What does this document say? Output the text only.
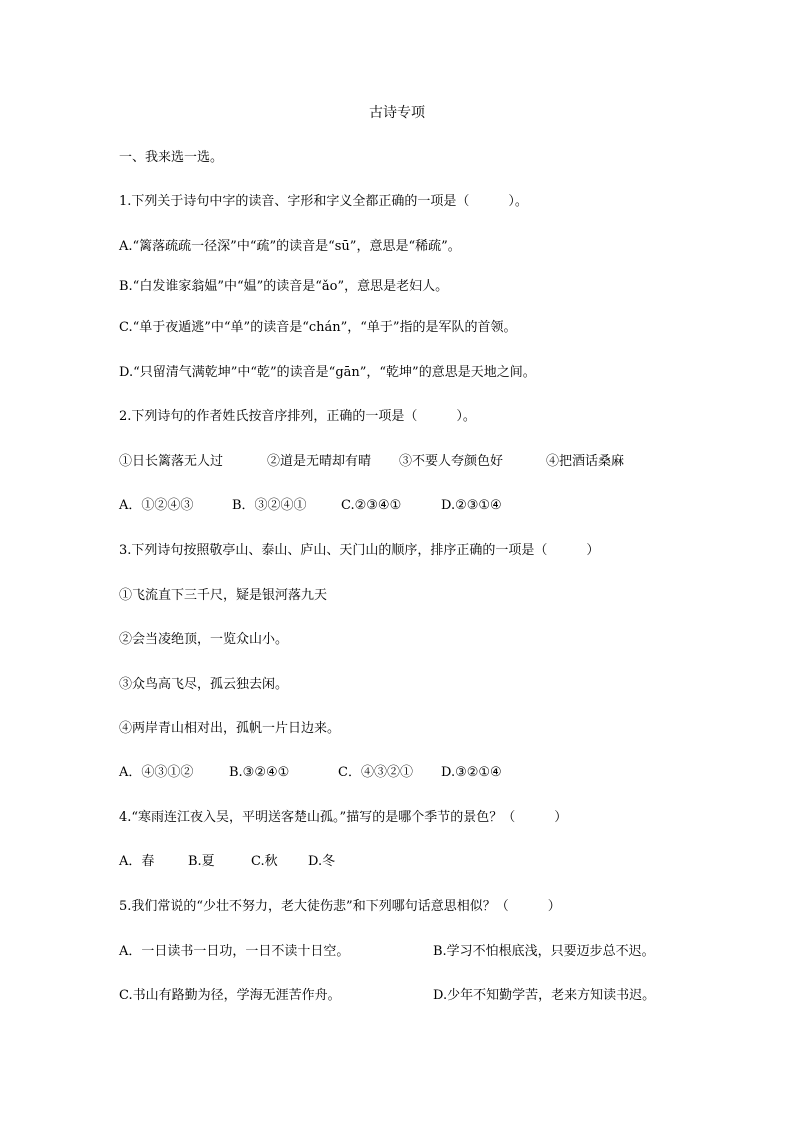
古诗专项
一、我来选一选。
1.下列关于诗句中字的读音、字形和字义全都正确的一项是（　　　）。
A.“篱落疏疏一径深”中“疏”的读音是“sū”，意思是“稀疏”。
B.“白发谁家翁媪”中“媪”的读音是“ǎo”，意思是老妇人。
C.“单于夜遁逃”中“单”的读音是“chán”，“单于”指的是军队的首领。
D.“只留清气满乾坤”中“乾”的读音是“gān”，“乾坤”的意思是天地之间。
2.下列诗句的作者姓氏按音序排列，正确的一项是（　　　）。
①日长篱落无人过	②道是无晴却有晴 ③不要人夸颜色好	④把酒话桑麻
A．①②④③	B．③②④①	C.②③④①	D.②③①④
3.下列诗句按照敬亭山、泰山、庐山、天门山的顺序，排序正确的一项是（　　　）
①飞流直下三千尺，疑是银河落九天
②会当凌绝顶，一览众山小。
③众鸟高飞尽，孤云独去闲。
④两岸青山相对出，孤帆一片日边来。
A．④③①②	B.③②④①	C．④③②① D.③②①④
4.“寒雨连江夜入吴，平明送客楚山孤。”描写的是哪个季节的景色？（　　　）
A．春	B.夏	C.秋 D.冬
5.我们常说的“少壮不努力，老大徒伤悲”和下列哪句话意思相似？（　　　）
A．一日读书一日功，一日不读十日空。	B.学习不怕根底浅，只要迈步总不迟。
C.书山有路勤为径，学海无涯苦作舟。	D.少年不知勤学苦，老来方知读书迟。
